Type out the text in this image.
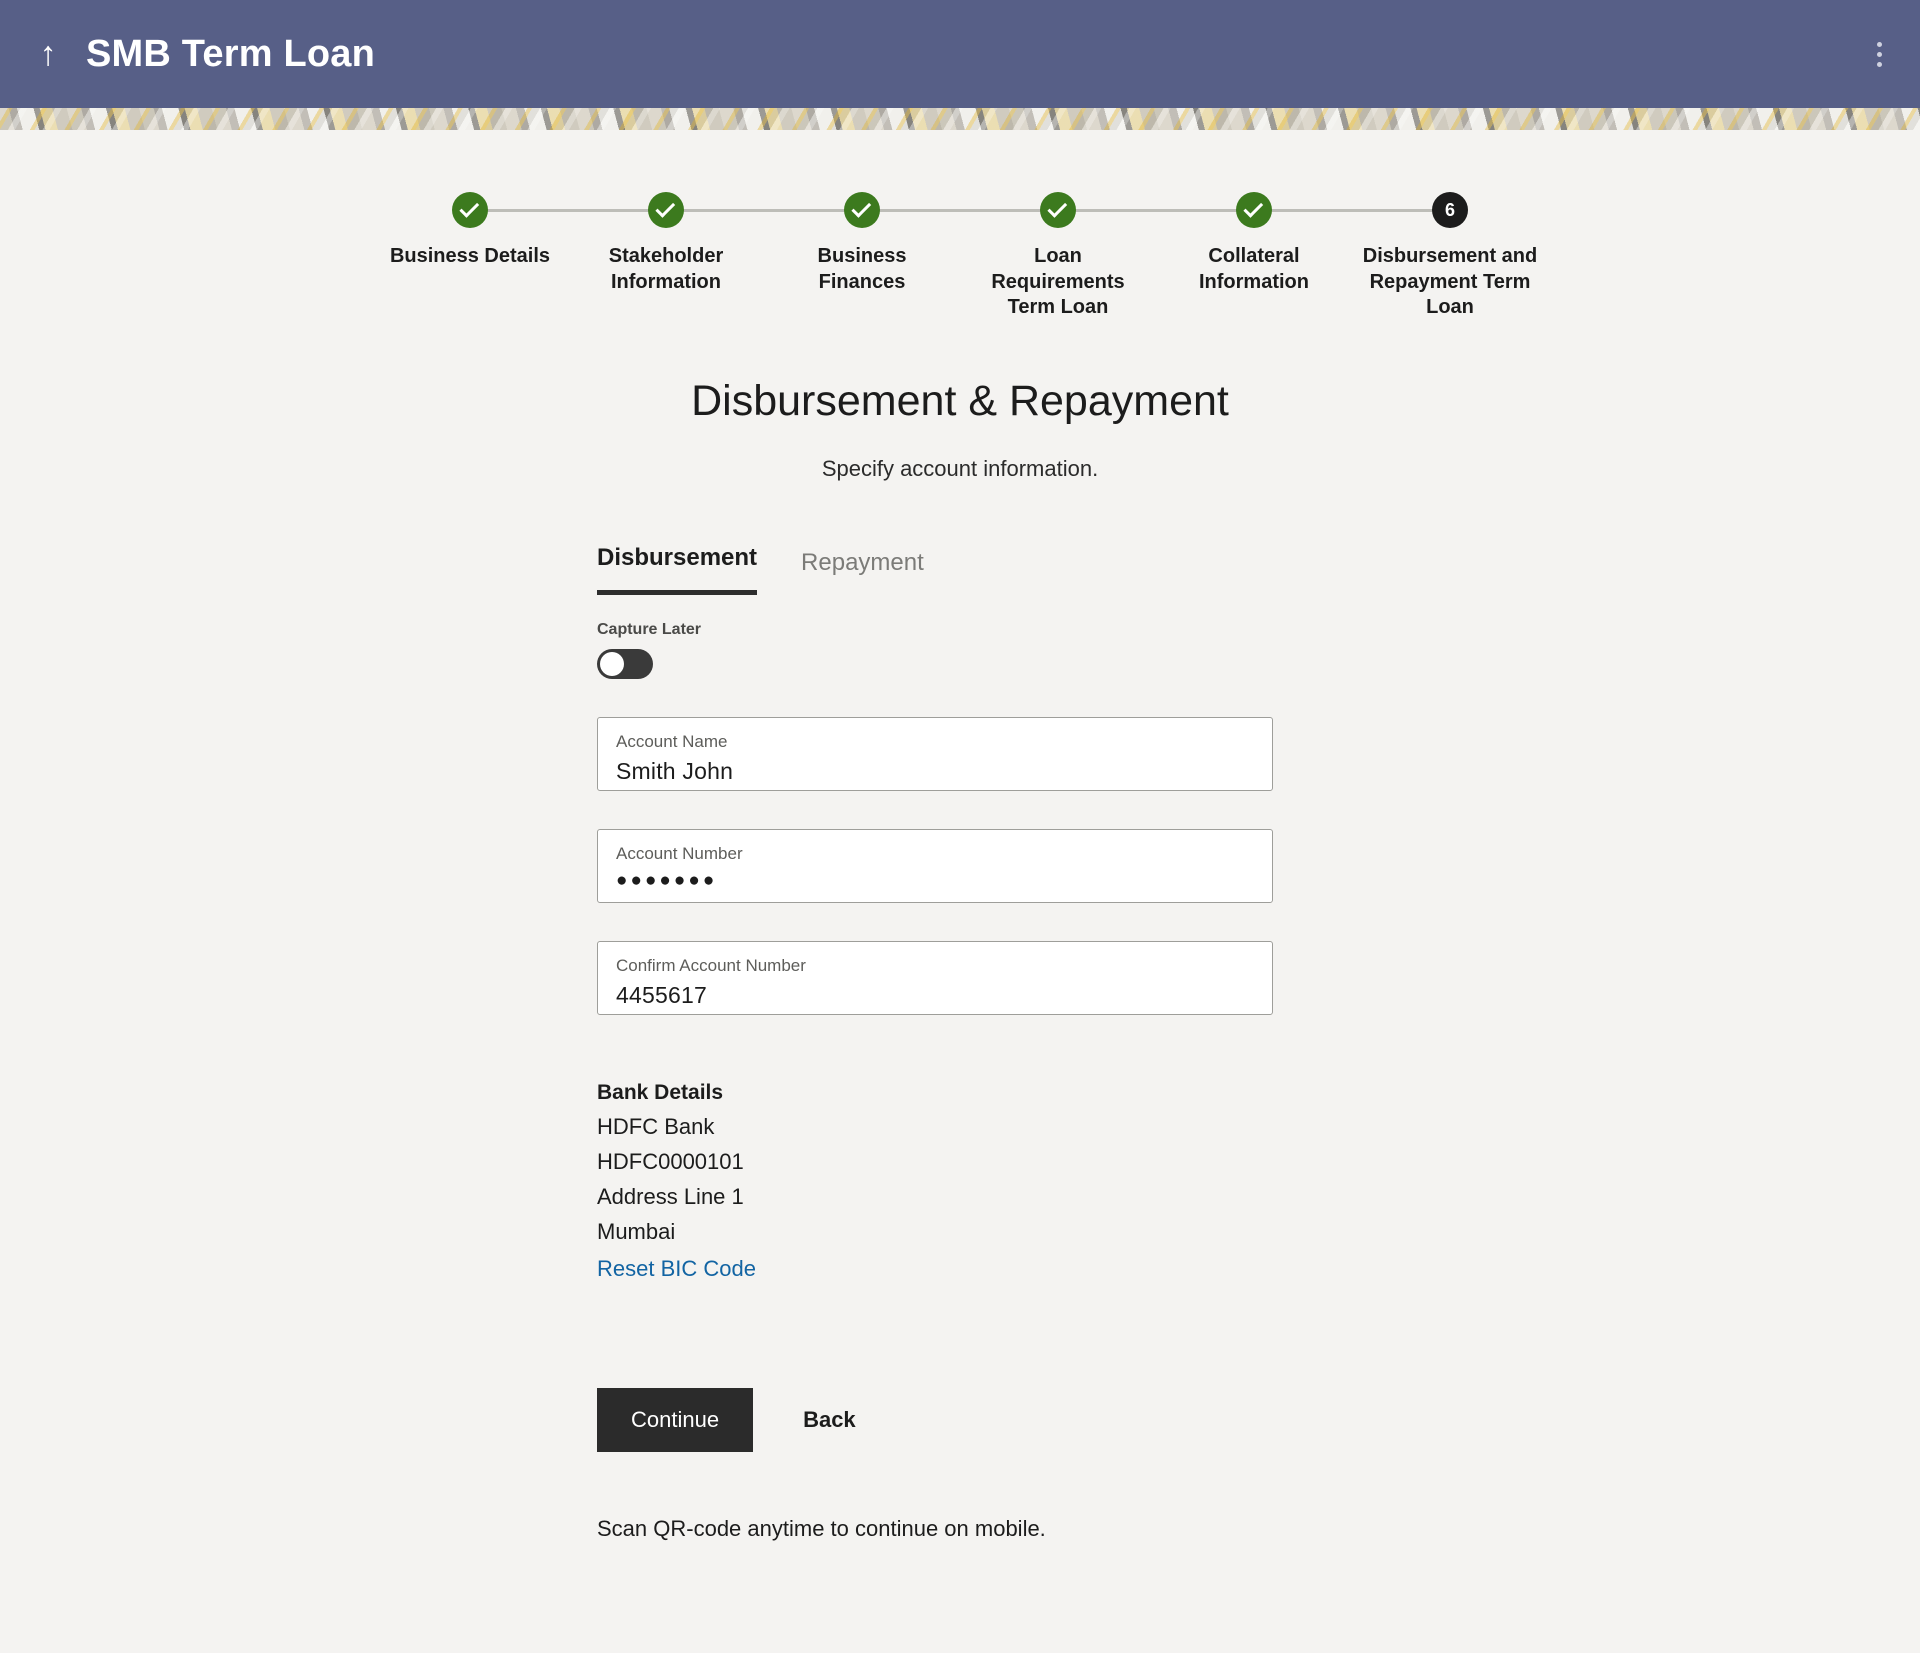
↑ SMB Term Loan
Business Details	Stakeholder Information
Business Finances
Loan Requirements Term Loan
Collateral Information
6
Disbursement and Repayment Term Loan
Disbursement & Repayment
Specify account information.
Disbursement Repayment
Capture Later
Account Name
Smith John
Account Number
●●●●●●●
Confirm Account Number
4455617
Bank Details
HDFC Bank
HDFC0000101
Address Line 1
Mumbai
Reset BIC Code
Continue	Back
Scan QR-code anytime to continue on mobile.
